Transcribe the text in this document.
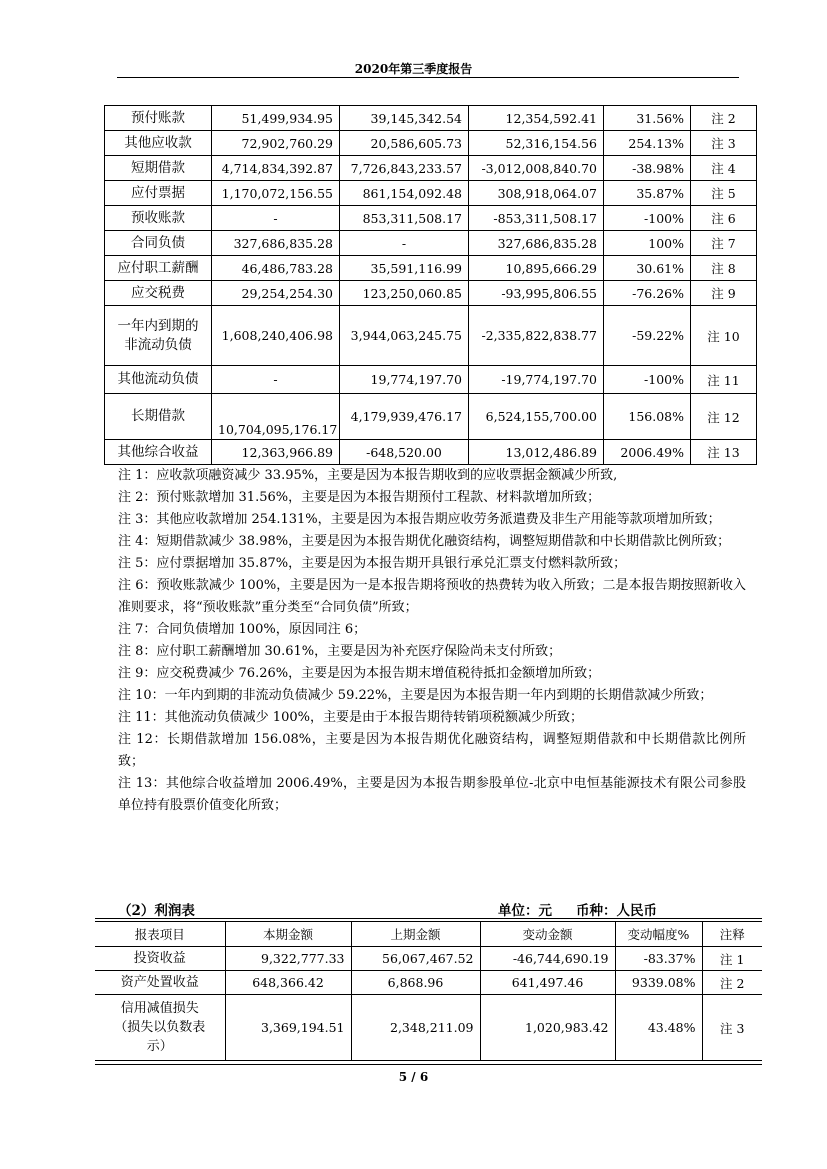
2020年第三季度报告
预付账款	51,499,934.95	39,145,342.54	12,354,592.41	31.56%	注 2
其他应收款	72,902,760.29	20,586,605.73	52,316,154.56	254.13%	注 3
短期借款	4,714,834,392.87	7,726,843,233.57	-3,012,008,840.70	-38.98%	注 4
应付票据	1,170,072,156.55	861,154,092.48	308,918,064.07	35.87%	注 5
预收账款	-	853,311,508.17	-853,311,508.17	-100%	注 6
合同负债	327,686,835.28	-	327,686,835.28	100%	注 7
应付职工薪酬	46,486,783.28	35,591,116.99	10,895,666.29	30.61%	注 8
应交税费	29,254,254.30	123,250,060.85	-93,995,806.55	-76.26%	注 9
一年内到期的非流动负债	1,608,240,406.98	3,944,063,245.75	-2,335,822,838.77	-59.22%	注 10
其他流动负债	-	19,774,197.70	-19,774,197.70	-100%	注 11
长期借款	10,704,095,176.17	4,179,939,476.17	6,524,155,700.00	156.08%	注 12
其他综合收益	12,363,966.89	-648,520.00	13,012,486.89	2006.49%	注 13

注 1：应收款项融资减少 33.95%，主要是因为本报告期收到的应收票据金额减少所致,

注 2：预付账款增加 31.56%，主要是因为本报告期预付工程款、材料款增加所致；

注 3：其他应收款增加 254.131%，主要是因为本报告期应收劳务派遣费及非生产用能等款项增加所致；

注 4：短期借款减少 38.98%，主要是因为本报告期优化融资结构，调整短期借款和中长期借款比例所致；

注 5：应付票据增加 35.87%，主要是因为本报告期开具银行承兑汇票支付燃料款所致；

注 6：预收账款减少 100%，主要是因为一是本报告期将预收的热费转为收入所致；二是本报告期按照新收入准则要求，将“预收账款”重分类至“合同负债”所致；

注 7：合同负债增加 100%，原因同注 6；

注 8：应付职工薪酬增加 30.61%，主要是因为补充医疗保险尚未支付所致；

注 9：应交税费减少 76.26%，主要是因为本报告期末增值税待抵扣金额增加所致；

注 10：一年内到期的非流动负债减少 59.22%，主要是因为本报告期一年内到期的长期借款减少所致；

注 11：其他流动负债减少 100%，主要是由于本报告期待转销项税额减少所致；

注 12：长期借款增加 156.08%，主要是因为本报告期优化融资结构，调整短期借款和中长期借款比例所致；

注 13：其他综合收益增加 2006.49%，主要是因为本报告期参股单位-北京中电恒基能源技术有限公司参股单位持有股票价值变化所致；

（2）利润表	单位：元 币种：人民币
报表项目	本期金额	上期金额	变动金额	变动幅度%	注释
投资收益	9,322,777.33	56,067,467.52	-46,744,690.19	-83.37%	注 1
资产处置收益	648,366.42	6,868.96	641,497.46	9339.08%	注 2
信用减值损失（损失以负数表示）	3,369,194.51	2,348,211.09	1,020,983.42	43.48%	注 3
5 / 6
